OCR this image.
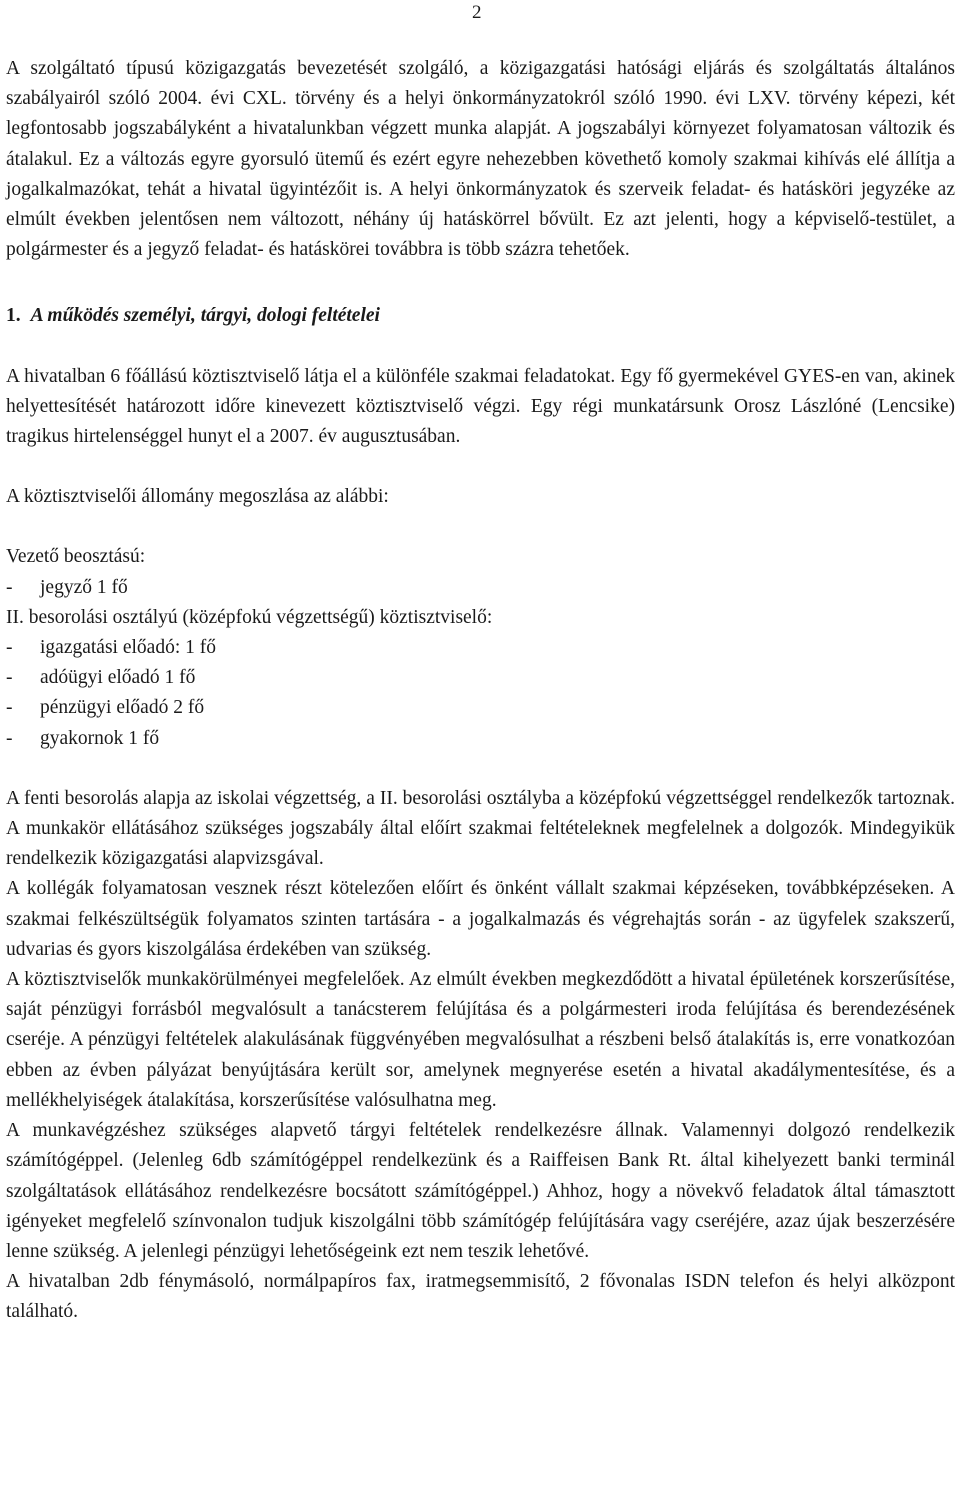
2

A szolgáltató típusú közigazgatás bevezetését szolgáló, a közigazgatási hatósági eljárás és szolgáltatás általános szabályairól szóló 2004. évi CXL. törvény és a helyi önkormányzatokról szóló 1990. évi LXV. törvény képezi, két legfontosabb jogszabályként a hivatalunkban végzett munka alapját. A jogszabályi környezet folyamatosan változik és átalakul. Ez a változás egyre gyorsuló ütemű és ezért egyre nehezebben követhető komoly szakmai kihívás elé állítja a jogalkalmazókat, tehát a hivatal ügyintézőit is. A helyi önkormányzatok és szerveik feladat- és hatásköri jegyzéke az elmúlt években jelentősen nem változott, néhány új hatáskörrel bővült. Ez azt jelenti, hogy a képviselő-testület, a polgármester és a jegyző feladat- és hatáskörei továbbra is több százra tehetőek.

1. A működés személyi, tárgyi, dologi feltételei

A hivatalban 6 főállású köztisztviselő látja el a különféle szakmai feladatokat. Egy fő gyermekével GYES-en van, akinek helyettesítését határozott időre kinevezett köztisztviselő végzi. Egy régi munkatársunk Orosz Lászlóné (Lencsike) tragikus hirtelenséggel hunyt el a 2007. év augusztusában.

A köztisztviselői állomány megoszlása az alábbi:

Vezető beosztású:

-	jegyző 1 fő

II. besorolási osztályú (középfokú végzettségű) köztisztviselő:

-	igazgatási előadó: 1 fő
-	adóügyi előadó 1 fő
-	pénzügyi előadó 2 fő
-	gyakornok 1 fő

A fenti besorolás alapja az iskolai végzettség, a II. besorolási osztályba a középfokú végzettséggel rendelkezők tartoznak. A munkakör ellátásához szükséges jogszabály által előírt szakmai feltételeknek megfelelnek a dolgozók. Mindegyikük rendelkezik közigazgatási alapvizsgával.

A kollégák folyamatosan vesznek részt kötelezően előírt és önként vállalt szakmai képzéseken, továbbképzéseken. A szakmai felkészültségük folyamatos szinten tartására - a jogalkalmazás és végrehajtás során - az ügyfelek szakszerű, udvarias és gyors kiszolgálása érdekében van szükség.

A köztisztviselők munkakörülményei megfelelőek. Az elmúlt években megkezdődött a hivatal épületének korszerűsítése, saját pénzügyi forrásból megvalósult a tanácsterem felújítása és a polgármesteri iroda felújítása és berendezésének cseréje. A pénzügyi feltételek alakulásának függvényében megvalósulhat a részbeni belső átalakítás is, erre vonatkozóan ebben az évben pályázat benyújtására került sor, amelynek megnyerése esetén a hivatal akadálymentesítése, és a mellékhelyiségek átalakítása, korszerűsítése valósulhatna meg.

A munkavégzéshez szükséges alapvető tárgyi feltételek rendelkezésre állnak. Valamennyi dolgozó rendelkezik számítógéppel. (Jelenleg 6db számítógéppel rendelkezünk és a Raiffeisen Bank Rt. által kihelyezett banki terminál szolgáltatások ellátásához rendelkezésre bocsátott számítógéppel.) Ahhoz, hogy a növekvő feladatok által támasztott igényeket megfelelő színvonalon tudjuk kiszolgálni több számítógép felújítására vagy cseréjére, azaz újak beszerzésére lenne szükség. A jelenlegi pénzügyi lehetőségeink ezt nem teszik lehetővé.

A hivatalban 2db fénymásoló, normálpapíros fax, iratmegsemmisítő, 2 fővonalas ISDN telefon és helyi alközpont található.
